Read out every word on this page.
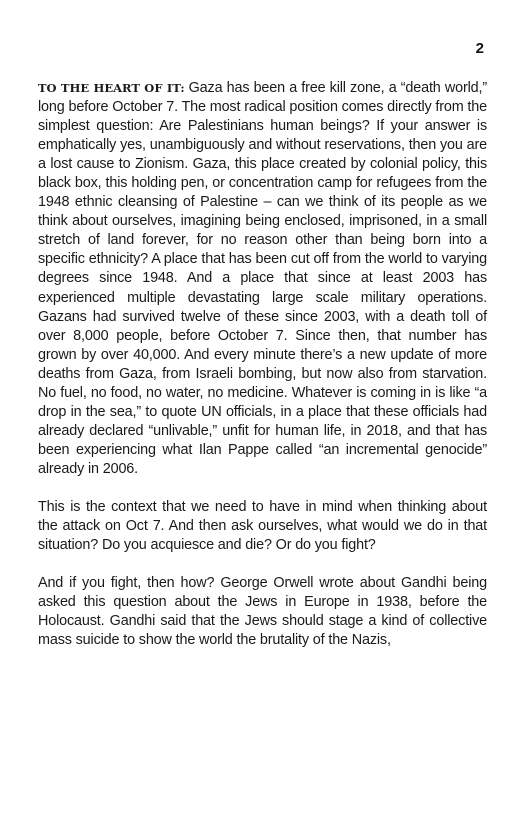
2

TO THE HEART OF IT: Gaza has been a free kill zone, a “death world,” long before October 7. The most radical position comes directly from the simplest question: Are Palestinians human beings? If your answer is emphatically yes, unambiguously and without reservations, then you are a lost cause to Zionism. Gaza, this place created by colonial policy, this black box, this holding pen, or concentration camp for refugees from the 1948 ethnic cleansing of Palestine – can we think of its people as we think about ourselves, imagining being enclosed, imprisoned, in a small stretch of land forever, for no reason other than being born into a specific ethnicity? A place that has been cut off from the world to varying degrees since 1948. And a place that since at least 2003 has experienced multiple devastating large scale military operations. Gazans had survived twelve of these since 2003, with a death toll of over 8,000 people, before October 7. Since then, that number has grown by over 40,000. And every minute there’s a new update of more deaths from Gaza, from Israeli bombing, but now also from starvation. No fuel, no food, no water, no medicine. Whatever is coming in is like “a drop in the sea,” to quote UN officials, in a place that these officials had already declared “unlivable,” unfit for human life, in 2018, and that has been experiencing what Ilan Pappe called “an incremental genocide” already in 2006.

This is the context that we need to have in mind when thinking about the attack on Oct 7. And then ask ourselves, what would we do in that situation? Do you acquiesce and die? Or do you fight?

And if you fight, then how? George Orwell wrote about Gandhi being asked this question about the Jews in Europe in 1938, before the Holocaust. Gandhi said that the Jews should stage a kind of collective mass suicide to show the world the brutality of the Nazis,
